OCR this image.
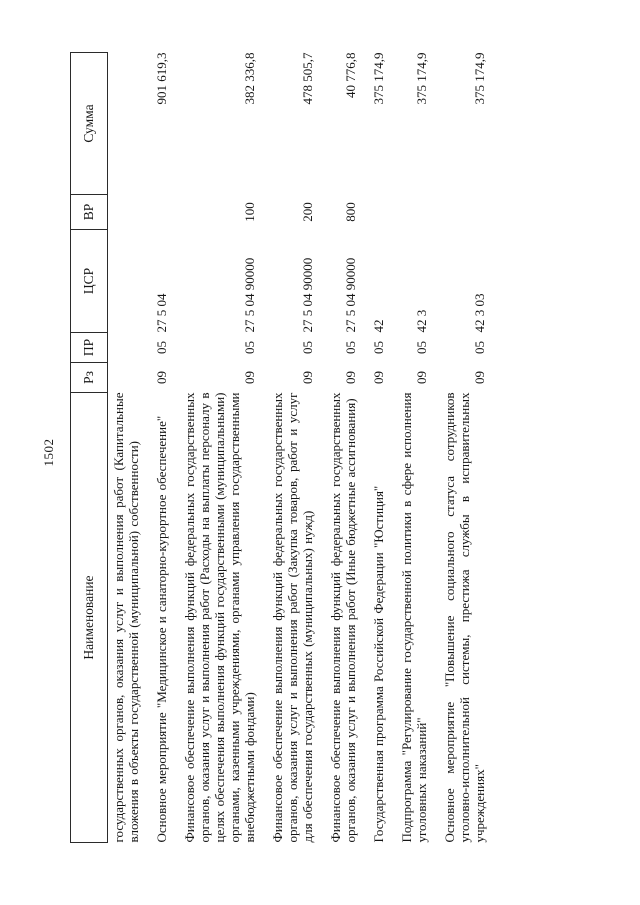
1502
Наименование	Рз	ПР	ЦСР	ВР	Сумма
государственных органов, оказания услуг и выполнения работ (Капитальные вложения в объекты государственной (муниципальной) собственности)					
Основное мероприятие "Медицинское и санаторно-курортное обеспечение"	09	05	27 5 04		901 619,3
Финансовое обеспечение выполнения функций федеральных государственных органов, оказания услуг и выполнения работ (Расходы на выплаты персоналу в целях обеспечения выполнения функций государственными (муниципальными) органами, казенными учреждениями, органами управления государственными внебюджетными фондами)	09	05	27 5 04 90000	100	382 336,8
Финансовое обеспечение выполнения функций федеральных государственных органов, оказания услуг и выполнения работ (Закупка товаров, работ и услуг для обеспечения государственных (муниципальных) нужд)	09	05	27 5 04 90000	200	478 505,7
Финансовое обеспечение выполнения функций федеральных государственных органов, оказания услуг и выполнения работ (Иные бюджетные ассигнования)	09	05	27 5 04 90000	800	40 776,8
Государственная программа Российской Федерации "Юстиция"	09	05	42		375 174,9
Подпрограмма "Регулирование государственной политики в сфере исполнения уголовных наказаний"	09	05	42 3		375 174,9
Основное мероприятие "Повышение социального статуса сотрудников уголовно-исполнительной системы, престижа службы в исправительных учреждениях"	09	05	42 3 03		375 174,9
